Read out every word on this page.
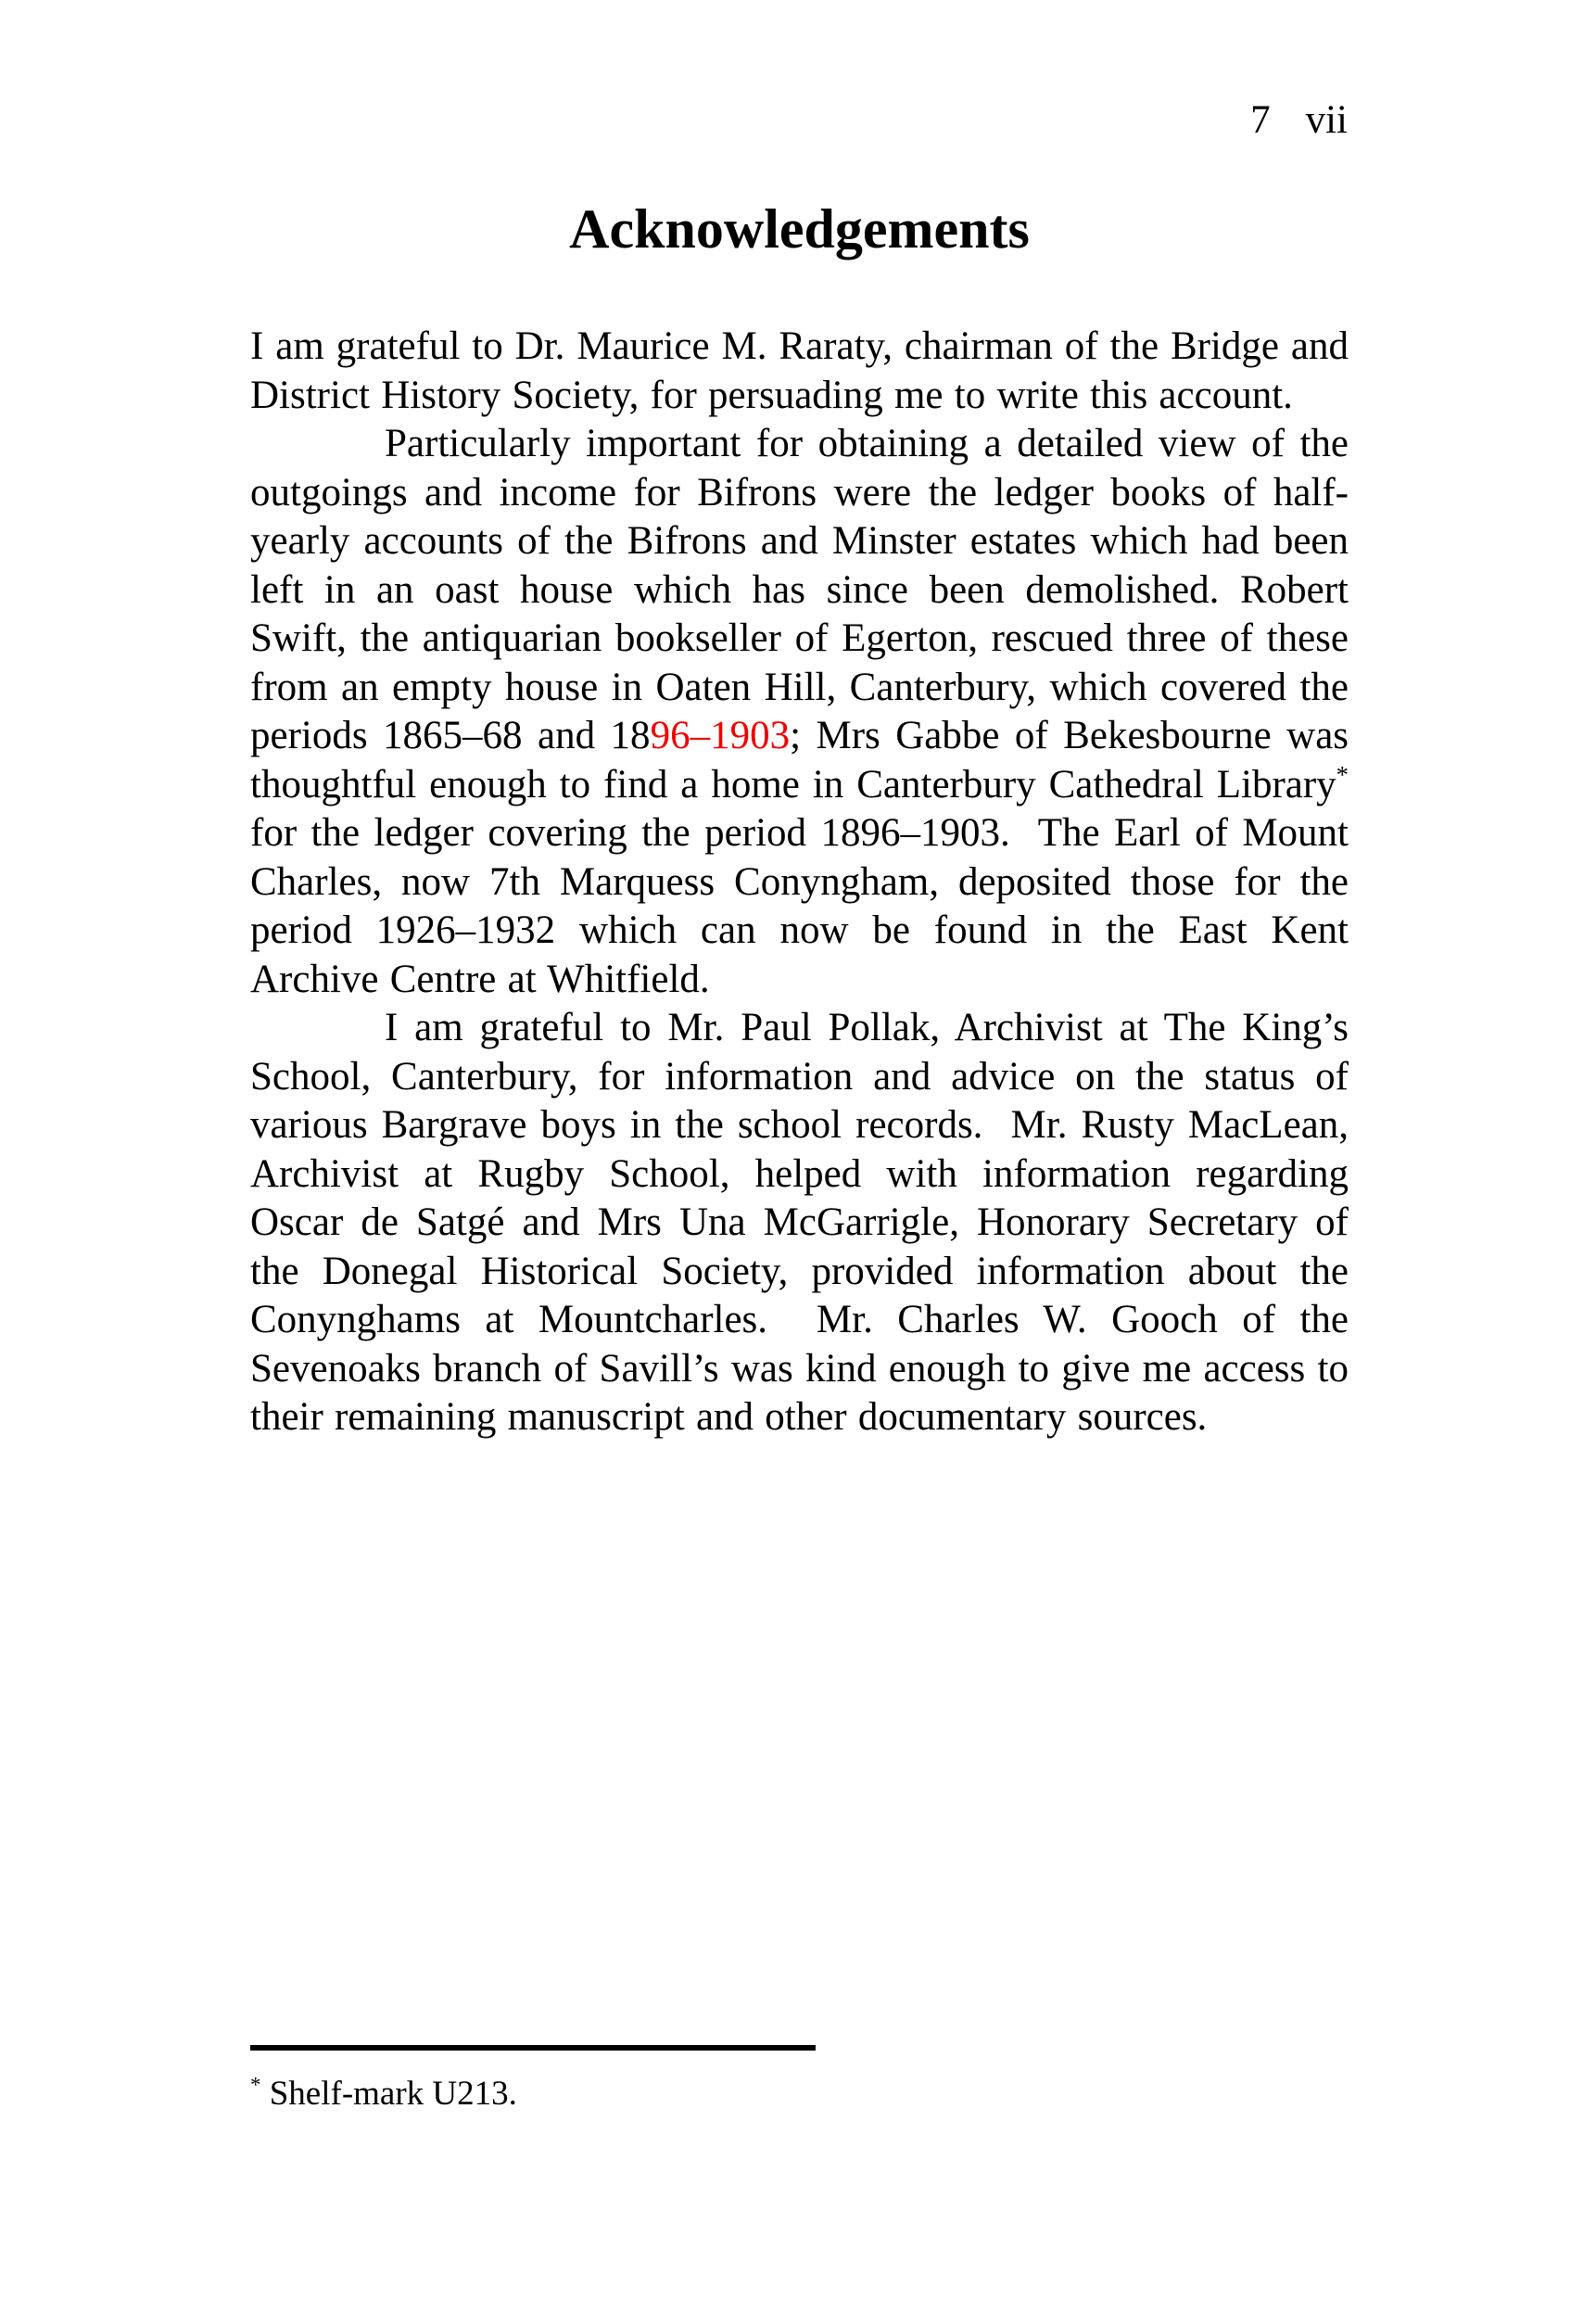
7 vii
Acknowledgements

I am grateful to Dr. Maurice M. Raraty, chairman of the Bridge and District History Society, for persuading me to write this account.

Particularly important for obtaining a detailed view of the outgoings and income for Bifrons were the ledger books of half-yearly accounts of the Bifrons and Minster estates which had been left in an oast house which has since been demolished. Robert Swift, the antiquarian bookseller of Egerton, rescued three of these from an empty house in Oaten Hill, Canterbury, which covered the periods 1865–68 and 1896–1903; Mrs Gabbe of Bekesbourne was thoughtful enough to find a home in Canterbury Cathedral Library* for the ledger covering the period 1896–1903.  The Earl of Mount Charles, now 7th Marquess Conyngham, deposited those for the period 1926–1932 which can now be found in the East Kent Archive Centre at Whitfield.

I am grateful to Mr. Paul Pollak, Archivist at The King’s School, Canterbury, for information and advice on the status of various Bargrave boys in the school records.  Mr. Rusty MacLean, Archivist at Rugby School, helped with information regarding Oscar de Satgé and Mrs Una McGarrigle, Honorary Secretary of the Donegal Historical Society, provided information about the Conynghams at Mountcharles.  Mr. Charles W. Gooch of the Sevenoaks branch of Savill’s was kind enough to give me access to their remaining manuscript and other documentary sources.

* Shelf-mark U213.
